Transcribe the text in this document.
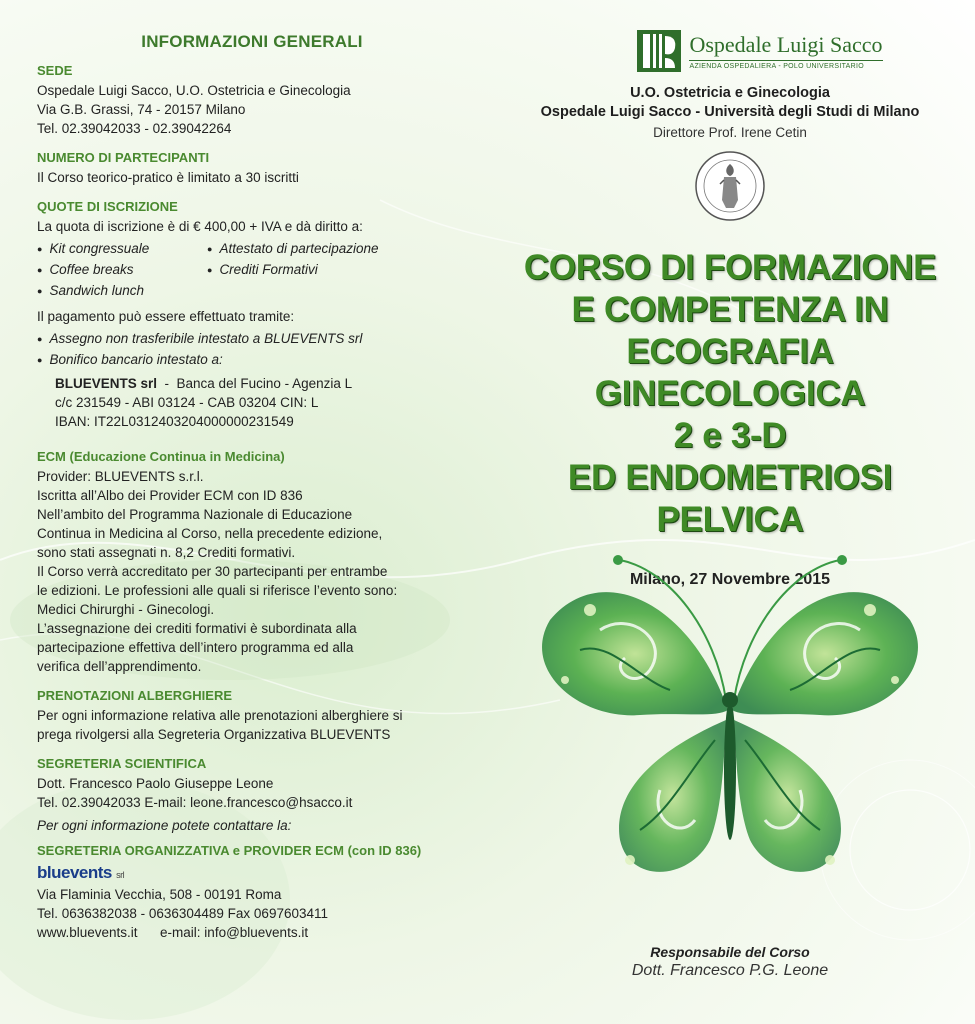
INFORMAZIONI GENERALI
SEDE
Ospedale Luigi Sacco, U.O. Ostetricia e Ginecologia
Via G.B. Grassi, 74 - 20157 Milano
Tel. 02.39042033 - 02.39042264
NUMERO DI PARTECIPANTI
Il Corso teorico-pratico è limitato a 30 iscritti
QUOTE DI ISCRIZIONE
La quota di iscrizione è di € 400,00 + IVA e dà diritto a:
● Kit congressuale
● Coffee breaks
● Sandwich lunch
● Attestato di partecipazione
● Crediti Formativi
Il pagamento può essere effettuato tramite:
● Assegno non trasferibile intestato a BLUEVENTS srl
● Bonifico bancario intestato a:
BLUEVENTS srl  -  Banca del Fucino - Agenzia L
c/c 231549 - ABI 03124 - CAB 03204 CIN: L
IBAN: IT22L0312403204000000231549
ECM (Educazione Continua in Medicina)
Provider: BLUEVENTS s.r.l.
Iscritta all’Albo dei Provider ECM con ID 836
Nell’ambito del Programma Nazionale di Educazione
Continua in Medicina al Corso, nella precedente edizione,
sono stati assegnati n. 8,2 Crediti formativi.
Il Corso verrà accreditato per 30 partecipanti per entrambe
le edizioni. Le professioni alle quali si riferisce l’evento sono:
Medici Chirurghi - Ginecologi.
L’assegnazione dei crediti formativi è subordinata alla
partecipazione effettiva dell’intero programma ed alla
verifica dell’apprendimento.
PRENOTAZIONI ALBERGHIERE
Per ogni informazione relativa alle prenotazioni alberghiere si
prega rivolgersi alla Segreteria Organizzativa BLUEVENTS
SEGRETERIA SCIENTIFICA
Dott. Francesco Paolo Giuseppe Leone
Tel. 02.39042033 E-mail: leone.francesco@hsacco.it
Per ogni informazione potete contattare la:
SEGRETERIA ORGANIZZATIVA e PROVIDER ECM (con ID 836)
bluevents srl
Via Flaminia Vecchia, 508 - 00191 Roma
Tel. 0636382038 - 0636304489 Fax 0697603411
www.bluevents.it      e-mail: info@bluevents.it
Ospedale Luigi Sacco
AZIENDA OSPEDALIERA - POLO UNIVERSITARIO
U.O. Ostetricia e Ginecologia
Ospedale Luigi Sacco - Università degli Studi di Milano
Direttore Prof. Irene Cetin
CORSO DI FORMAZIONE
E COMPETENZA IN
ECOGRAFIA GINECOLOGICA
2 e 3-D
ED ENDOMETRIOSI PELVICA
Milano, 27 Novembre 2015
Responsabile del Corso
Dott. Francesco P.G. Leone
